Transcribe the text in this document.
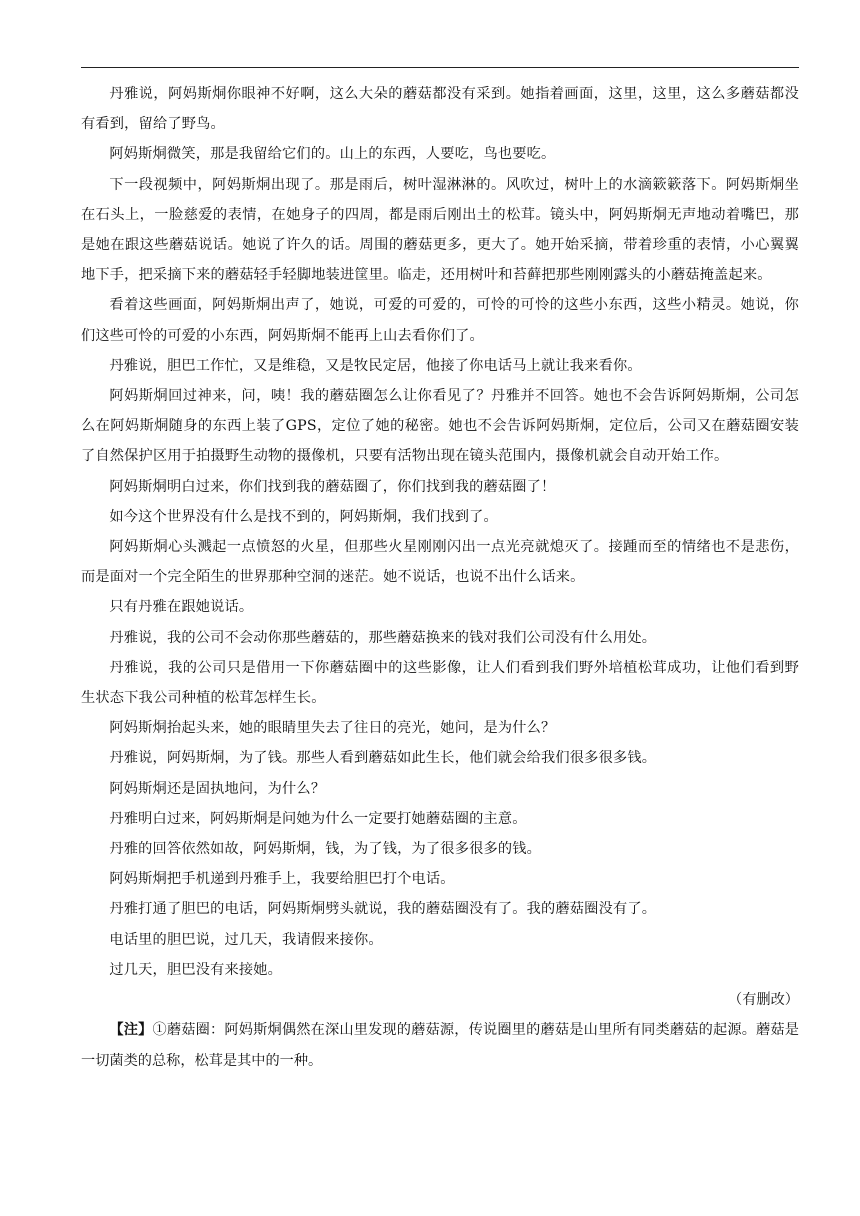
丹雅说，阿妈斯烔你眼神不好啊，这么大朵的蘑菇都没有采到。她指着画面，这里，这里，这么多蘑菇都没有看到，留给了野鸟。

阿妈斯烔微笑，那是我留给它们的。山上的东西，人要吃，鸟也要吃。

下一段视频中，阿妈斯烔出现了。那是雨后，树叶湿淋淋的。风吹过，树叶上的水滴簌簌落下。阿妈斯烔坐在石头上，一脸慈爱的表情，在她身子的四周，都是雨后刚出土的松茸。镜头中，阿妈斯烔无声地动着嘴巴，那是她在跟这些蘑菇说话。她说了许久的话。周围的蘑菇更多，更大了。她开始采摘，带着珍重的表情，小心翼翼地下手，把采摘下来的蘑菇轻手轻脚地装进筐里。临走，还用树叶和苔藓把那些刚刚露头的小蘑菇掩盖起来。

看着这些画面，阿妈斯烔出声了，她说，可爱的可爱的，可怜的可怜的这些小东西，这些小精灵。她说，你们这些可怜的可爱的小东西，阿妈斯烔不能再上山去看你们了。

丹雅说，胆巴工作忙，又是维稳，又是牧民定居，他接了你电话马上就让我来看你。

阿妈斯烔回过神来，问，咦！我的蘑菇圈怎么让你看见了？丹雅并不回答。她也不会告诉阿妈斯烔，公司怎么在阿妈斯烔随身的东西上装了GPS，定位了她的秘密。她也不会告诉阿妈斯烔，定位后，公司又在蘑菇圈安装了自然保护区用于拍摄野生动物的摄像机，只要有活物出现在镜头范围内，摄像机就会自动开始工作。

阿妈斯烔明白过来，你们找到我的蘑菇圈了，你们找到我的蘑菇圈了！

如今这个世界没有什么是找不到的，阿妈斯烔，我们找到了。

阿妈斯烔心头溅起一点愤怒的火星，但那些火星刚刚闪出一点光亮就熄灭了。接踵而至的情绪也不是悲伤，而是面对一个完全陌生的世界那种空洞的迷茫。她不说话，也说不出什么话来。

只有丹雅在跟她说话。

丹雅说，我的公司不会动你那些蘑菇的，那些蘑菇换来的钱对我们公司没有什么用处。

丹雅说，我的公司只是借用一下你蘑菇圈中的这些影像，让人们看到我们野外培植松茸成功，让他们看到野生状态下我公司种植的松茸怎样生长。

阿妈斯烔抬起头来，她的眼睛里失去了往日的亮光，她问，是为什么？

丹雅说，阿妈斯烔，为了钱。那些人看到蘑菇如此生长，他们就会给我们很多很多钱。

阿妈斯烔还是固执地问，为什么？

丹雅明白过来，阿妈斯烔是问她为什么一定要打她蘑菇圈的主意。

丹雅的回答依然如故，阿妈斯烔，钱，为了钱，为了很多很多的钱。

阿妈斯烔把手机递到丹雅手上，我要给胆巴打个电话。

丹雅打通了胆巴的电话，阿妈斯烔劈头就说，我的蘑菇圈没有了。我的蘑菇圈没有了。

电话里的胆巴说，过几天，我请假来接你。

过几天，胆巴没有来接她。

（有删改）

【注】①蘑菇圈：阿妈斯烔偶然在深山里发现的蘑菇源，传说圈里的蘑菇是山里所有同类蘑菇的起源。蘑菇是一切菌类的总称，松茸是其中的一种。
